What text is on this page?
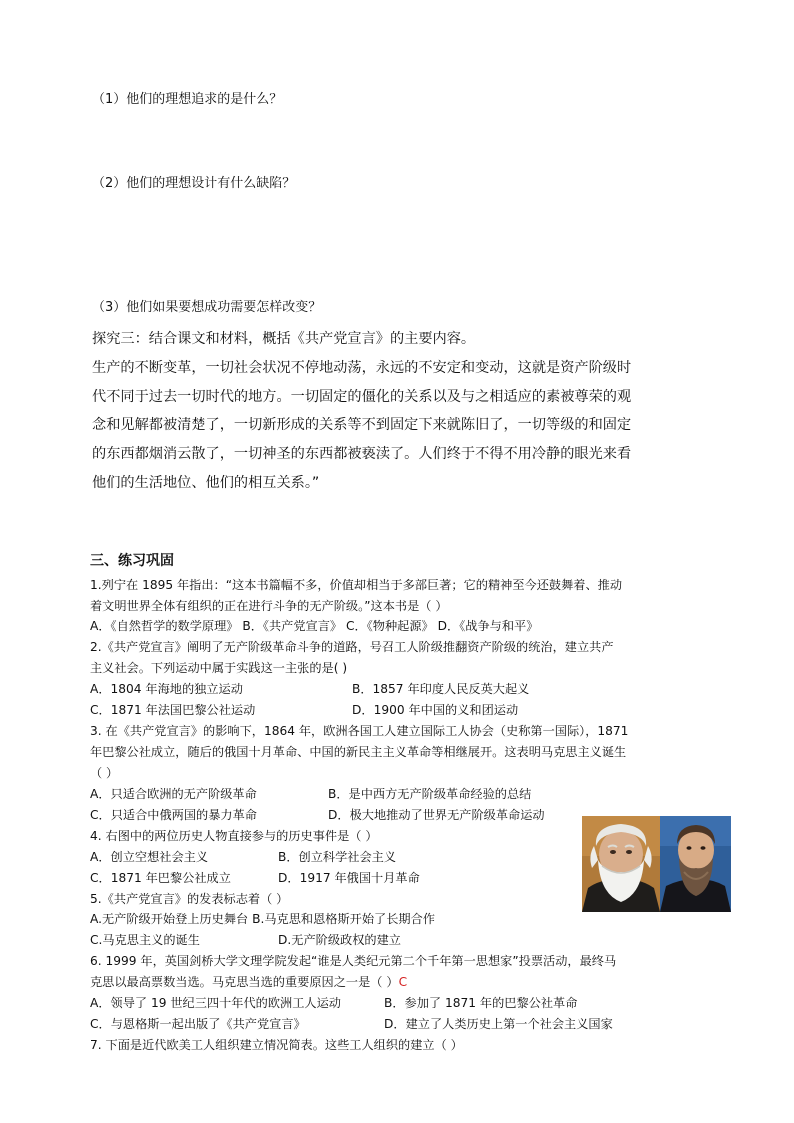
（1）他们的理想追求的是什么？
（2）他们的理想设计有什么缺陷？
（3）他们如果要想成功需要怎样改变？

探究三：结合课文和材料，概括《共产党宣言》的主要内容。

生产的不断变革，一切社会状况不停地动荡，永远的不安定和变动，这就是资产阶级时

代不同于过去一切时代的地方。一切固定的僵化的关系以及与之相适应的素被尊荣的观

念和见解都被清楚了，一切新形成的关系等不到固定下来就陈旧了，一切等级的和固定

的东西都烟消云散了，一切神圣的东西都被亵渎了。人们终于不得不用冷静的眼光来看

他们的生活地位、他们的相互关系。”

三、练习巩固
1.列宁在 1895 年指出：“这本书篇幅不多，价值却相当于多部巨著；它的精神至今还鼓舞着、推动
着文明世界全体有组织的正在进行斗争的无产阶级。”这本书是（ ）
A．《自然哲学的数学原理》 B．《共产党宣言》 C．《物种起源》 D．《战争与和平》
2.《共产党宣言》阐明了无产阶级革命斗争的道路，号召工人阶级推翻资产阶级的统治，建立共产
主义社会。下列运动中属于实践这一主张的是( )
A．1804 年海地的独立运动	B．1857 年印度人民反英大起义
C．1871 年法国巴黎公社运动	D．1900 年中国的义和团运动
3. 在《共产党宣言》的影响下，1864 年，欧洲各国工人建立国际工人协会（史称第一国际），1871
年巴黎公社成立，随后的俄国十月革命、中国的新民主主义革命等相继展开。这表明马克思主义诞生
（ ）
A．只适合欧洲的无产阶级革命	B．是中西方无产阶级革命经验的总结
C．只适合中俄两国的暴力革命	D．极大地推动了世界无产阶级革命运动
4. 右图中的两位历史人物直接参与的历史事件是（ ）
A．创立空想社会主义	B．创立科学社会主义
C．1871 年巴黎公社成立	D．1917 年俄国十月革命
5.《共产党宣言》的发表标志着（ ）
A.无产阶级开始登上历史舞台 B.马克思和恩格斯开始了长期合作
C.马克思主义的诞生	D.无产阶级政权的建立
6. 1999 年，英国剑桥大学文理学院发起“谁是人类纪元第二个千年第一思想家”投票活动，最终马
克思以最高票数当选。马克思当选的重要原因之一是（ ）C
A．领导了 19 世纪三四十年代的欧洲工人运动	B．参加了 1871 年的巴黎公社革命
C．与恩格斯一起出版了《共产党宣言》	D．建立了人类历史上第一个社会主义国家
7. 下面是近代欧美工人组织建立情况简表。这些工人组织的建立（ ）
